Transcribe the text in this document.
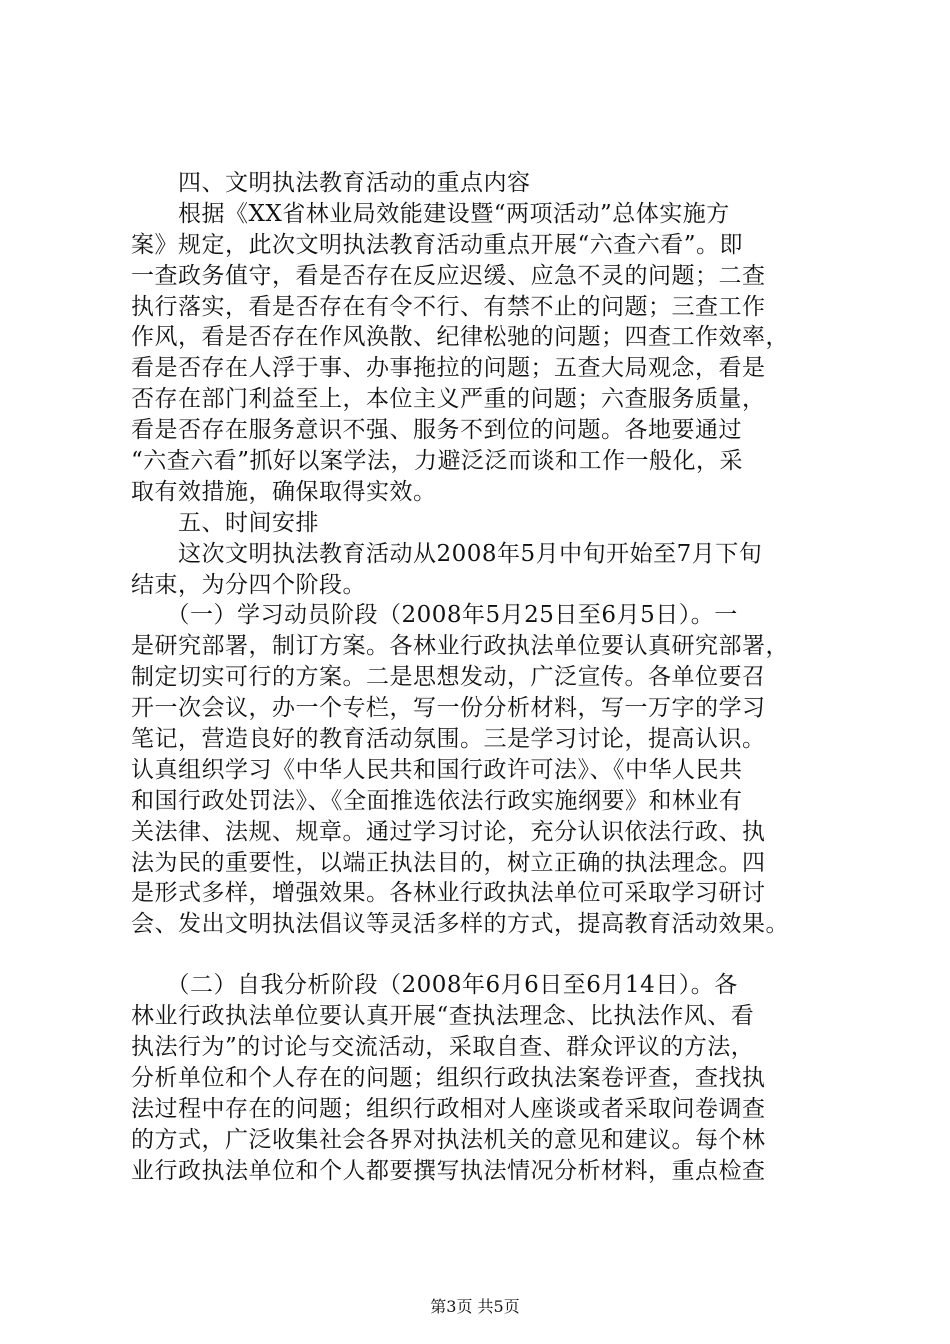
　　四、文明执法教育活动的重点内容
　　根据《XX省林业局效能建设暨“两项活动”总体实施方
案》规定，此次文明执法教育活动重点开展“六查六看”。即
一查政务值守，看是否存在反应迟缓、应急不灵的问题；二查
执行落实，看是否存在有令不行、有禁不止的问题；三查工作
作风，看是否存在作风涣散、纪律松驰的问题；四查工作效率，
看是否存在人浮于事、办事拖拉的问题；五查大局观念，看是
否存在部门利益至上，本位主义严重的问题；六查服务质量，
看是否存在服务意识不强、服务不到位的问题。各地要通过
“六查六看”抓好以案学法，力避泛泛而谈和工作一般化，采
取有效措施，确保取得实效。
　　五、时间安排
　　这次文明执法教育活动从2008年5月中旬开始至7月下旬
结束，为分四个阶段。
　　（一）学习动员阶段（2008年5月25日至6月5日）。一
是研究部署，制订方案。各林业行政执法单位要认真研究部署，
制定切实可行的方案。二是思想发动，广泛宣传。各单位要召
开一次会议，办一个专栏，写一份分析材料，写一万字的学习
笔记，营造良好的教育活动氛围。三是学习讨论，提高认识。
认真组织学习《中华人民共和国行政许可法》、《中华人民共
和国行政处罚法》、《全面推选依法行政实施纲要》和林业有
关法律、法规、规章。通过学习讨论，充分认识依法行政、执
法为民的重要性，以端正执法目的，树立正确的执法理念。四
是形式多样，增强效果。各林业行政执法单位可采取学习研讨
会、发出文明执法倡议等灵活多样的方式，提高教育活动效果。
　　（二）自我分析阶段（2008年6月6日至6月14日）。各
林业行政执法单位要认真开展“查执法理念、比执法作风、看
执法行为”的讨论与交流活动，采取自查、群众评议的方法，
分析单位和个人存在的问题；组织行政执法案卷评查，查找执
法过程中存在的问题；组织行政相对人座谈或者采取问卷调查
的方式，广泛收集社会各界对执法机关的意见和建议。每个林
业行政执法单位和个人都要撰写执法情况分析材料，重点检查
第3页 共5页
